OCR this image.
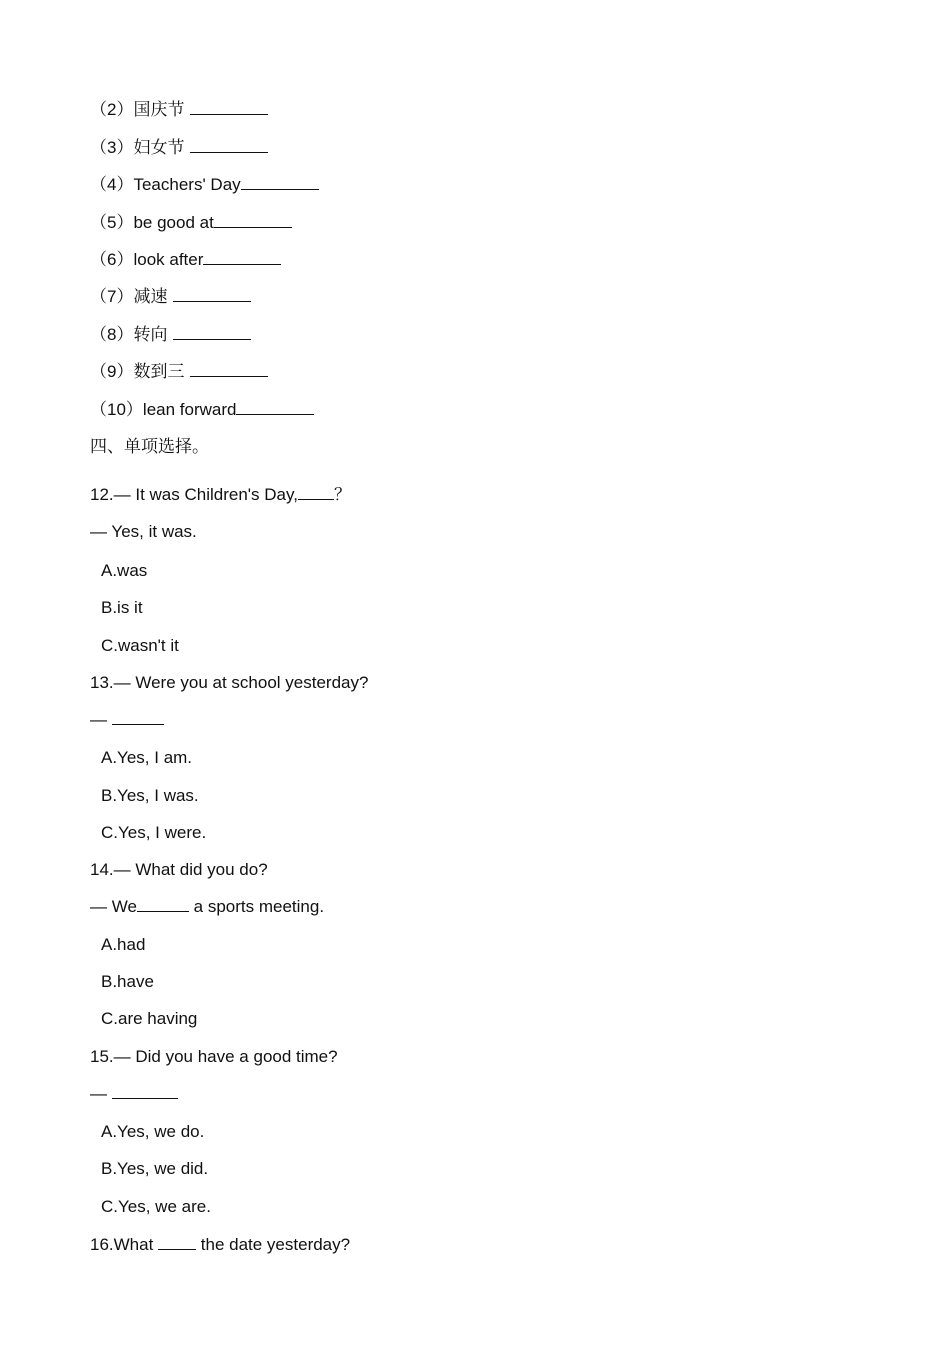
（2）国庆节
（3）妇女节
（4）Teachers' Day
（5）be good at
（6）look after
（7）减速
（8）转向
（9）数到三
（10）lean forward
四、单项选择。
12.— It was Children's Day, ？
— Yes, it was.
A.was
B.is it
C.wasn't it
13.— Were you at school yesterday?
—
A.Yes, I am.
B.Yes, I was.
C.Yes, I were.
14.— What did you do?
— We	a sports meeting.
A.had
B.have
C.are having
15.— Did you have a good time?
—
A.Yes, we do.
B.Yes, we did.
C.Yes, we are.
16.What  the date yesterday?
